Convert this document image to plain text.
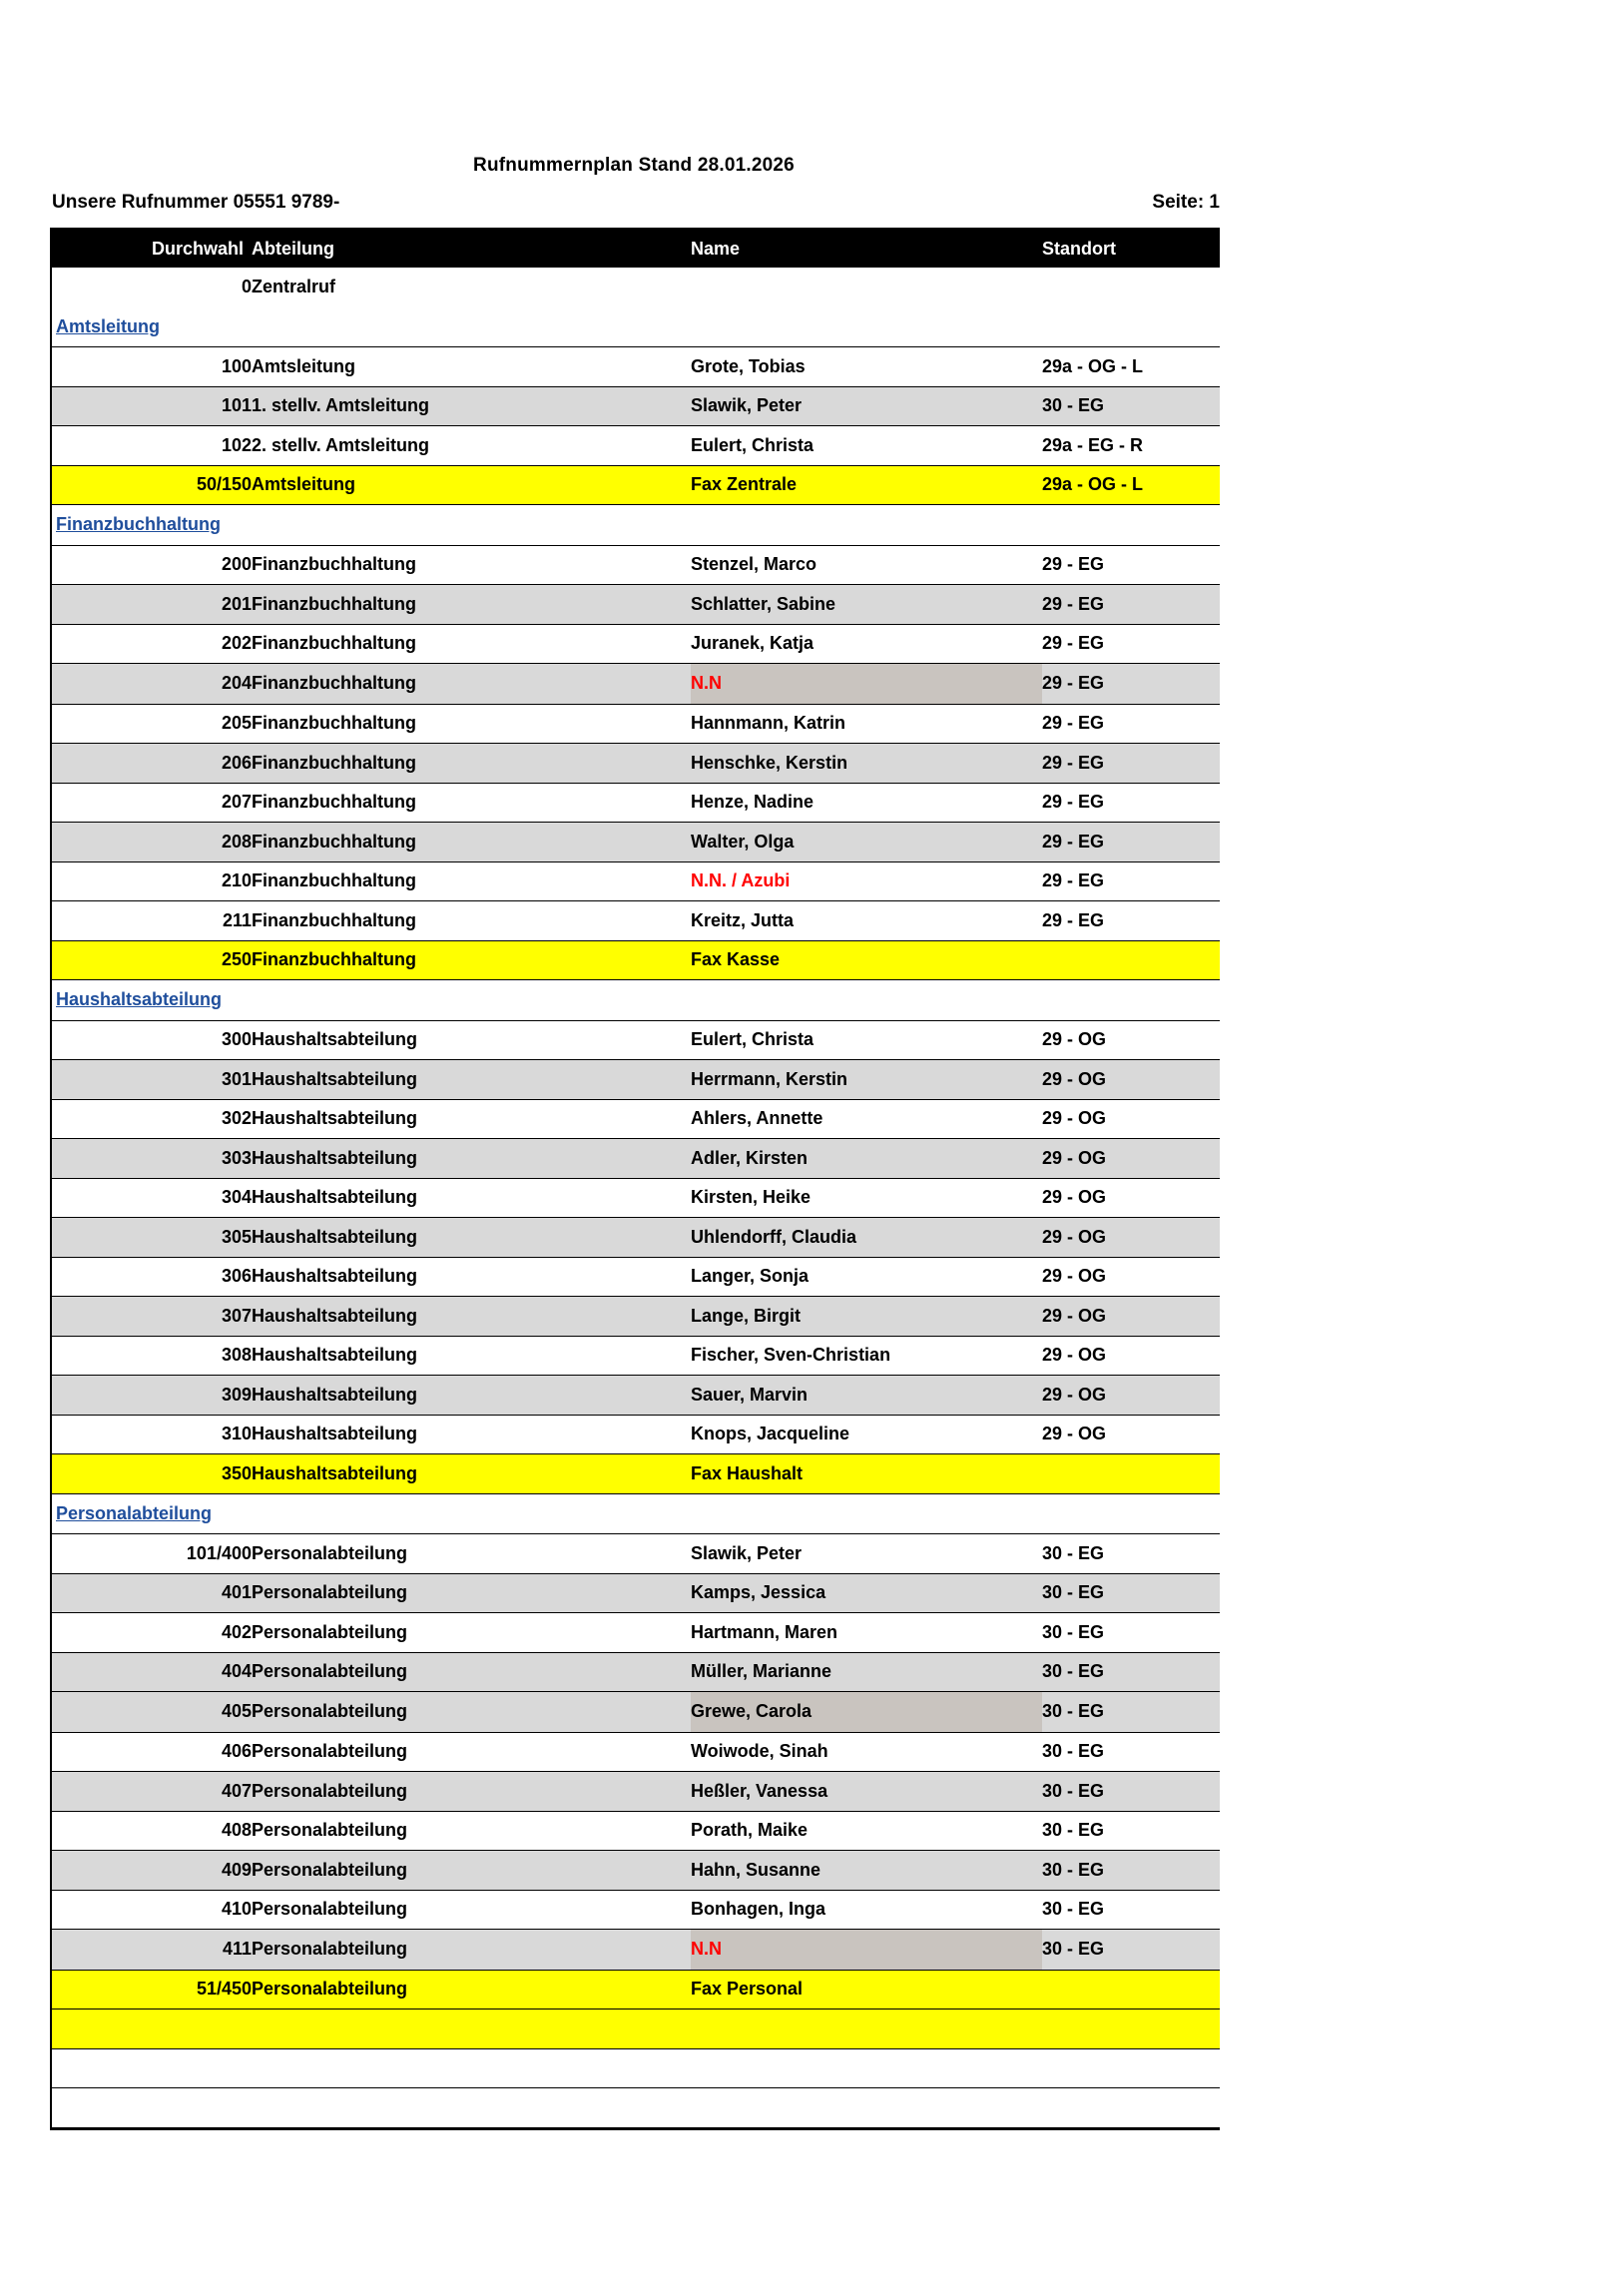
Rufnummernplan Stand 28.01.2026
Unsere Rufnummer 05551 9789-	Seite: 1
Durchwahl	Abteilung	Name	Standort
0	Zentralruf		
Amtsleitung			
100	Amtsleitung	Grote, Tobias	29a - OG - L
101	1. stellv. Amtsleitung	Slawik, Peter	30 - EG
102	2. stellv. Amtsleitung	Eulert, Christa	29a - EG - R
50/150	Amtsleitung	Fax Zentrale	29a - OG - L
Finanzbuchhaltung			
200	Finanzbuchhaltung	Stenzel, Marco	29 - EG
201	Finanzbuchhaltung	Schlatter, Sabine	29 - EG
202	Finanzbuchhaltung	Juranek, Katja	29 - EG
204	Finanzbuchhaltung	N.N	29 - EG
205	Finanzbuchhaltung	Hannmann, Katrin	29 - EG
206	Finanzbuchhaltung	Henschke, Kerstin	29 - EG
207	Finanzbuchhaltung	Henze, Nadine	29 - EG
208	Finanzbuchhaltung	Walter, Olga	29 - EG
210	Finanzbuchhaltung	N.N. / Azubi	29 - EG
211	Finanzbuchhaltung	Kreitz, Jutta	29 - EG
250	Finanzbuchhaltung	Fax Kasse	
Haushaltsabteilung			
300	Haushaltsabteilung	Eulert, Christa	29 - OG
301	Haushaltsabteilung	Herrmann, Kerstin	29 - OG
302	Haushaltsabteilung	Ahlers, Annette	29 - OG
303	Haushaltsabteilung	Adler, Kirsten	29 - OG
304	Haushaltsabteilung	Kirsten, Heike	29 - OG
305	Haushaltsabteilung	Uhlendorff, Claudia	29 - OG
306	Haushaltsabteilung	Langer, Sonja	29 - OG
307	Haushaltsabteilung	Lange, Birgit	29 - OG
308	Haushaltsabteilung	Fischer, Sven-Christian	29 - OG
309	Haushaltsabteilung	Sauer, Marvin	29 - OG
310	Haushaltsabteilung	Knops, Jacqueline	29 - OG
350	Haushaltsabteilung	Fax Haushalt	
Personalabteilung			
101/400	Personalabteilung	Slawik, Peter	30 - EG
401	Personalabteilung	Kamps, Jessica	30 - EG
402	Personalabteilung	Hartmann, Maren	30 - EG
404	Personalabteilung	Müller, Marianne	30 - EG
405	Personalabteilung	Grewe, Carola	30 - EG
406	Personalabteilung	Woiwode, Sinah	30 - EG
407	Personalabteilung	Heßler, Vanessa	30 - EG
408	Personalabteilung	Porath, Maike	30 - EG
409	Personalabteilung	Hahn, Susanne	30 - EG
410	Personalabteilung	Bonhagen, Inga	30 - EG
411	Personalabteilung	N.N	30 - EG
51/450	Personalabteilung	Fax Personal	
